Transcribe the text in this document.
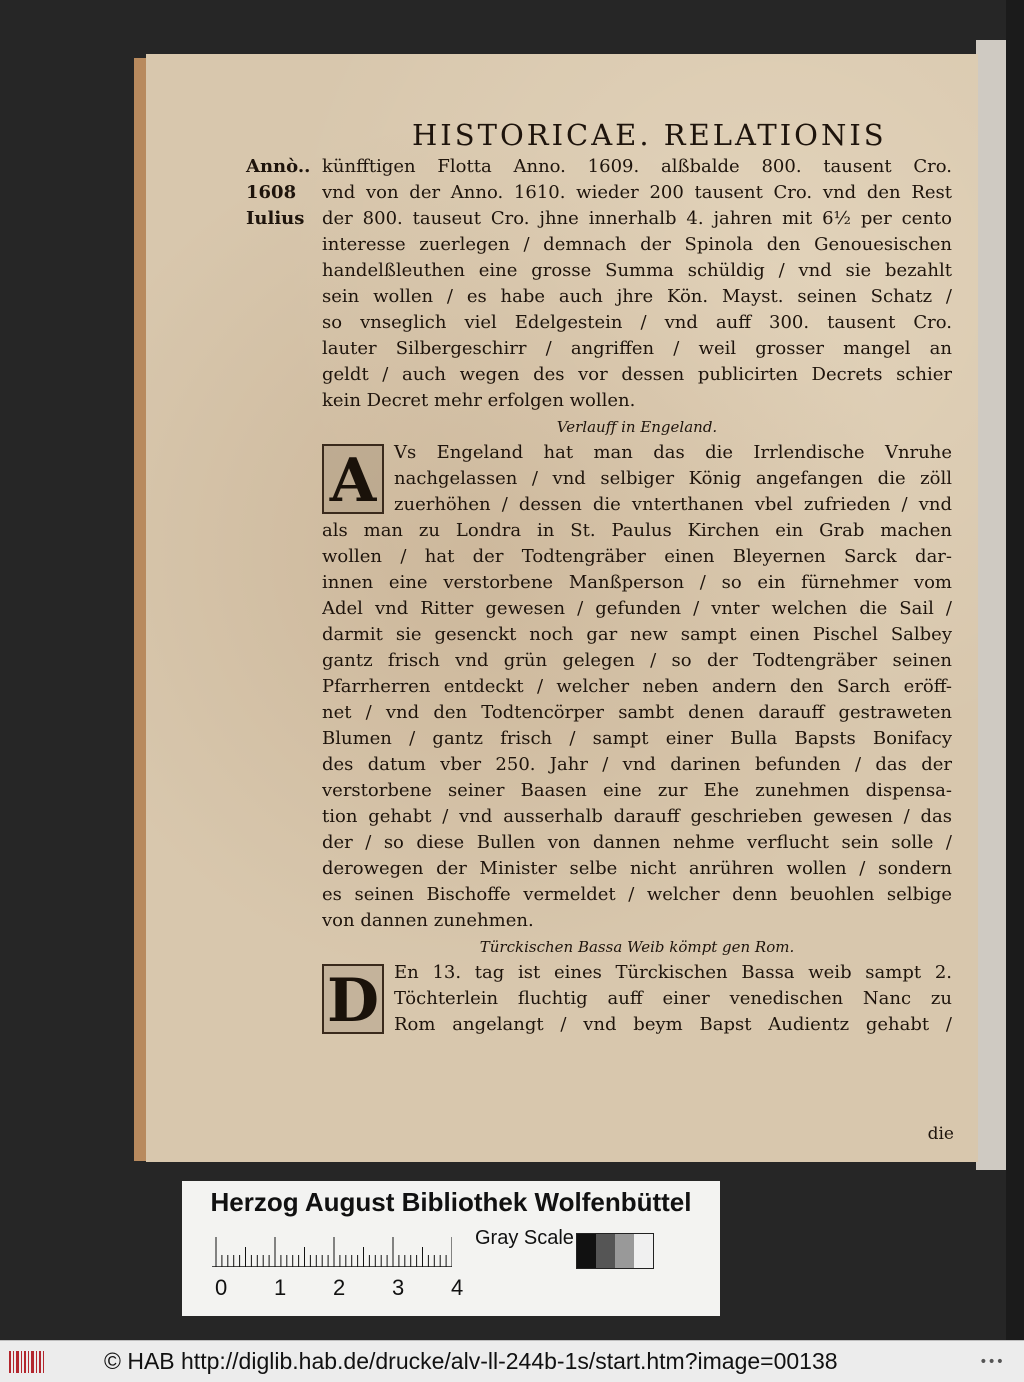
HISTORICAE. RELATIONIS
Annò..
1608
Iulius
künfftigen Flotta Anno. 1609. alßbalde 800. tausent Cro.
vnd von der Anno. 1610. wieder 200 tausent Cro. vnd den Rest
der 800. tauseut Cro. jhne innerhalb 4. jahren mit 6½ per cento
interesse zuerlegen / demnach der Spinola den Genouesischen
handelßleuthen eine grosse Summa schüldig / vnd sie bezahlt
sein wollen / es habe auch jhre Kön. Mayst. seinen Schatz /
so vnseglich viel Edelgestein / vnd auff 300. tausent Cro.
lauter Silbergeschirr / angriffen / weil grosser mangel an
geldt / auch wegen des vor dessen publicirten Decrets schier
kein Decret mehr erfolgen wollen.
Verlauff in Engeland.
A Vs Engeland hat man das die Irrlendische Vnruhe
nachgelassen / vnd selbiger König angefangen die zöll
zuerhöhen / dessen die vnterthanen vbel zufrieden / vnd
als man zu Londra in St. Paulus Kirchen ein Grab machen
wollen / hat der Todtengräber einen Bleyernen Sarck dar-
innen eine verstorbene Manßperson / so ein fürnehmer vom
Adel vnd Ritter gewesen / gefunden / vnter welchen die Sail /
darmit sie gesenckt noch gar new sampt einen Pischel Salbey
gantz frisch vnd grün gelegen / so der Todtengräber seinen
Pfarrherren entdeckt / welcher neben andern den Sarch eröff-
net / vnd den Todtencörper sambt denen darauff gestraweten
Blumen / gantz frisch / sampt einer Bulla Bapsts Bonifacy
des datum vber 250. Jahr / vnd darinen befunden / das der
verstorbene seiner Baasen eine zur Ehe zunehmen dispensa-
tion gehabt / vnd ausserhalb darauff geschrieben gewesen / das
der / so diese Bullen von dannen nehme verflucht sein solle /
derowegen der Minister selbe nicht anrühren wollen / sondern
es seinen Bischoffe vermeldet / welcher denn beuohlen selbige
von dannen zunehmen.
Türckischen Bassa Weib kömpt gen Rom.
D En 13. tag ist eines Türckischen Bassa weib sampt 2.
Töchterlein fluchtig auff einer venedischen Nanc zu
Rom angelangt / vnd beym Bapst Audientz gehabt /
die
Herzog August Bibliothek Wolfenbüttel
0 1 2 3 4
Gray Scale
© HAB http://diglib.hab.de/drucke/alv-ll-244b-1s/start.htm?image=00138	•••
